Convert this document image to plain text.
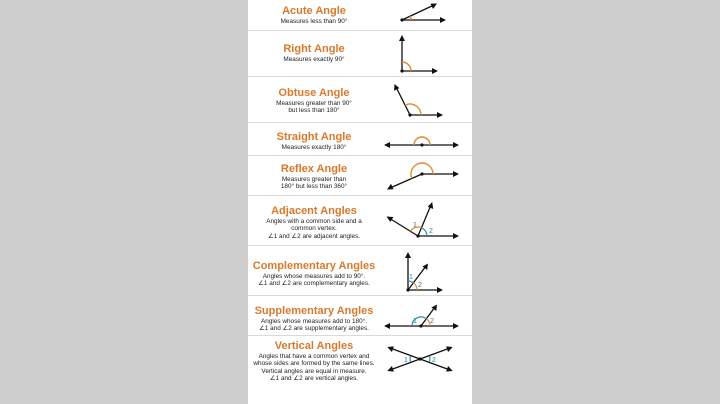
Acute Angle
Measures less than 90°
Right Angle
Measures exactly 90°
Obtuse Angle
Measures greater than 90°
but less than 180°
Straight Angle
Measures exactly 180°
Reflex Angle
Measures greater than
180° but less than 360°
Adjacent Angles
Angles with a common side and a
common vertex.
∠1 and ∠2 are adjacent angles.
1
2
Complementary Angles
Angles whose measures add to 90°.
∠1 and ∠2 are complementary angles.
1
2
Supplementary Angles
Angles whose measures add to 180°.
∠1 and ∠2 are supplementary angles.
1 2
Vertical Angles
Angles that have a common vertex and
whose sides are formed by the same lines.
Vertical angles are equal in measure.
∠1 and ∠2 are vertical angles.
1	2
